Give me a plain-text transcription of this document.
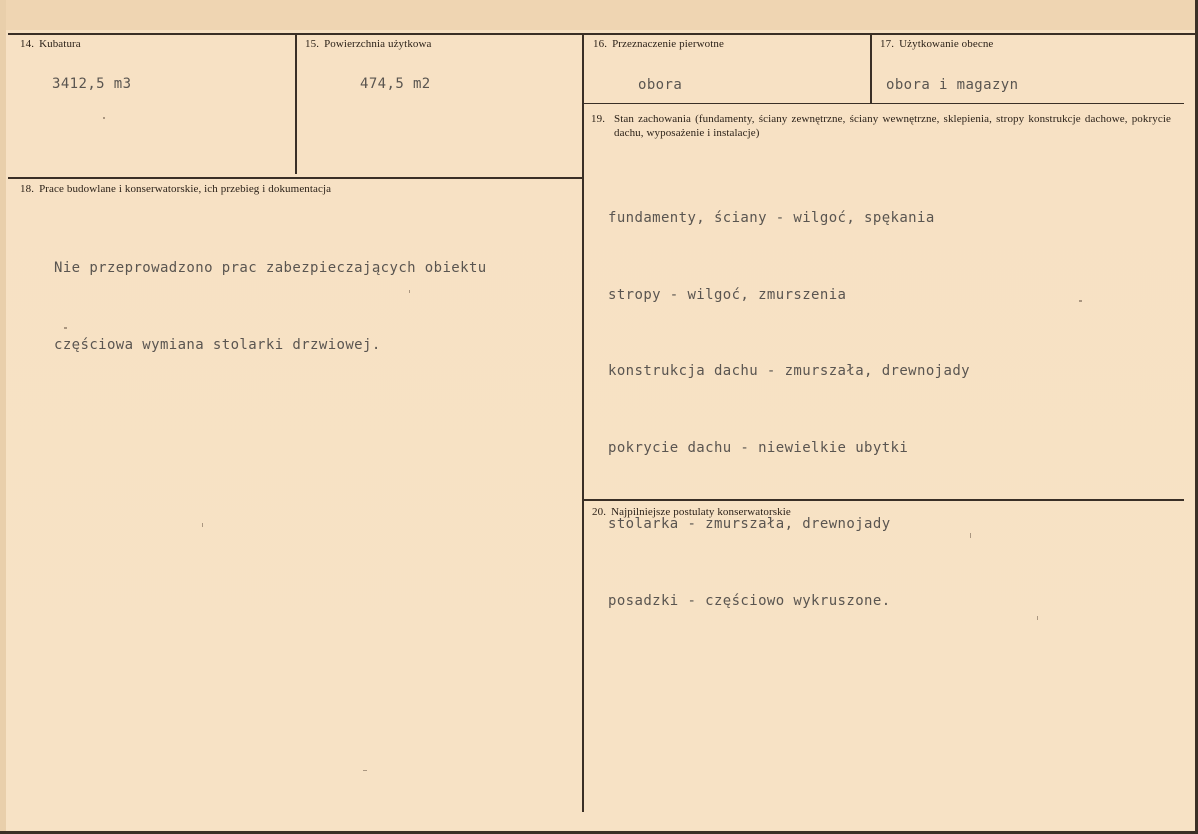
14. Kubatura
3412,5 m3
15. Powierzchnia użytkowa
474,5 m2
16. Przeznaczenie pierwotne
obora
17. Użytkowanie obecne
obora i magazyn
18. Prace budowlane i konserwatorskie, ich przebieg i dokumentacja

Nie przeprowadzono prac zabezpieczających obiektu

częściowa wymiana stolarki drzwiowej.

19. Stan zachowania (fundamenty, ściany zewnętrzne, ściany wewnętrzne, sklepienia, stropy konstrukcje dachowe, pokrycie dachu, wyposażenie i instalacje)

fundamenty, ściany - wilgoć, spękania

stropy - wilgoć, zmurszenia

konstrukcja dachu - zmurszała, drewnojady

pokrycie dachu - niewielkie ubytki

stolarka - zmurszała, drewnojady

posadzki - częściowo wykruszone.

20. Najpilniejsze postulaty konserwatorskie
